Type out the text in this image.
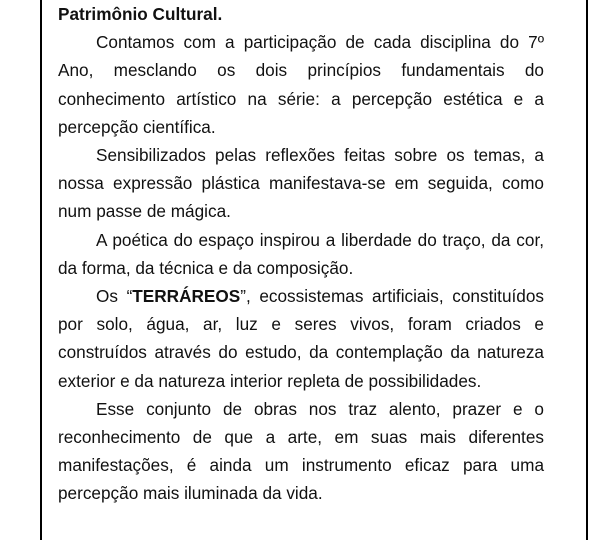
Patrimônio Cultural.

Contamos com a participação de cada disciplina do 7º Ano, mesclando os dois princípios fundamentais do conhecimento artístico na série: a percepção estética e a percepção científica.

Sensibilizados pelas reflexões feitas sobre os temas, a nossa expressão plástica manifestava-se em seguida, como num passe de mágica.

A poética do espaço inspirou a liberdade do traço, da cor, da forma, da técnica e da composição.

Os “TERRÁREOS”, ecossistemas artificiais, constituídos por solo, água, ar, luz e seres vivos, foram criados e construídos através do estudo, da contemplação da natureza exterior e da natureza interior repleta de possibilidades.

Esse conjunto de obras nos traz alento, prazer e o reconhecimento de que a arte, em suas mais diferentes manifestações, é ainda um instrumento eficaz para uma percepção mais iluminada da vida.
